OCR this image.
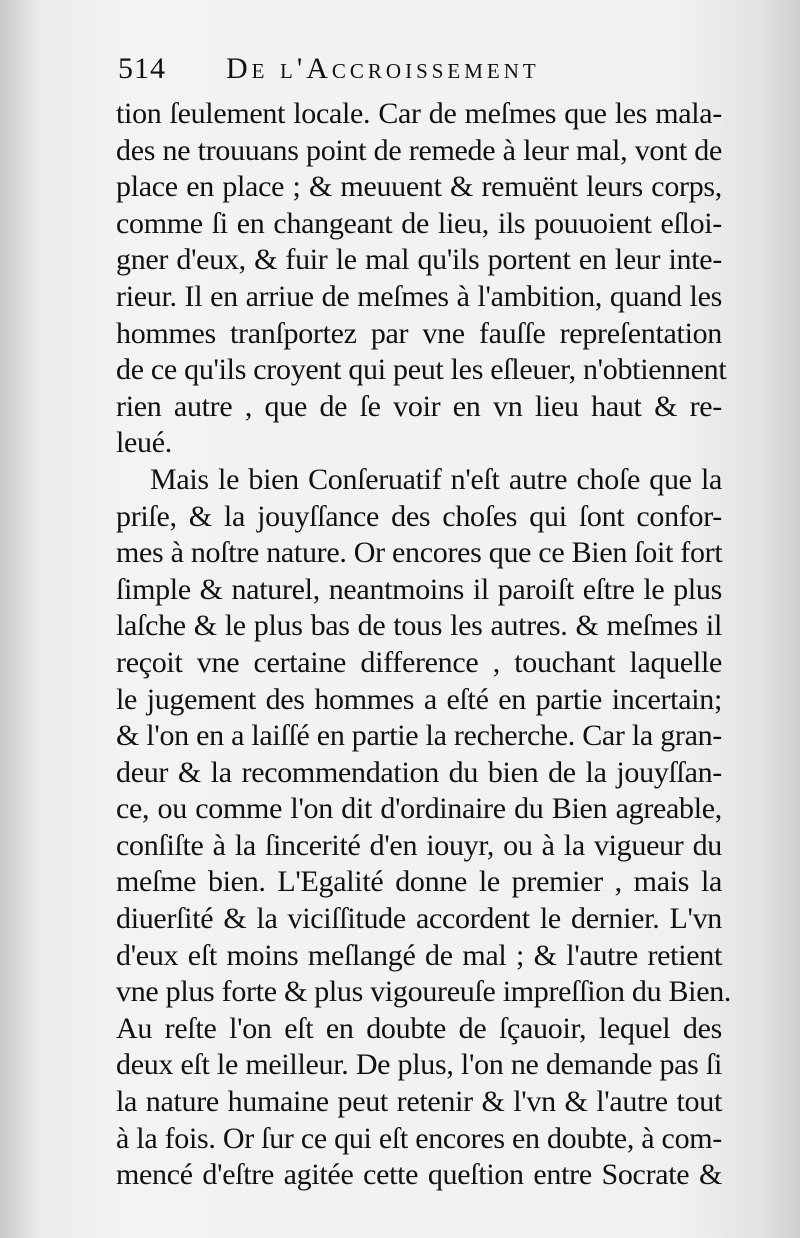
514 De l'Accroissement
tion ſeulement locale. Car de meſmes que les mala-
des ne trouuans point de remede à leur mal, vont de
place en place ; & meuuent & remuënt leurs corps,
comme ſi en changeant de lieu, ils pouuoient eſloi-
gner d'eux, & fuir le mal qu'ils portent en leur inte-
rieur. Il en arriue de meſmes à l'ambition, quand les
hommes tranſportez par vne fauſſe repreſentation
de ce qu'ils croyent qui peut les eſleuer, n'obtiennent
rien autre , que de ſe voir en vn lieu haut & re-
leué.
Mais le bien Conſeruatif n'eſt autre choſe que la
priſe, & la jouyſſance des choſes qui ſont confor-
mes à noſtre nature. Or encores que ce Bien ſoit fort
ſimple & naturel, neantmoins il paroiſt eſtre le plus
laſche & le plus bas de tous les autres. & meſmes il
reçoit vne certaine difference , touchant laquelle
le jugement des hommes a eſté en partie incertain;
& l'on en a laiſſé en partie la recherche. Car la gran-
deur & la recommendation du bien de la jouyſſan-
ce, ou comme l'on dit d'ordinaire du Bien agreable,
conſiſte à la ſincerité d'en iouyr, ou à la vigueur du
meſme bien. L'Egalité donne le premier , mais la
diuerſité & la viciſſitude accordent le dernier. L'vn
d'eux eſt moins meſlangé de mal ; & l'autre retient
vne plus forte & plus vigoureuſe impreſſion du Bien.
Au reſte l'on eſt en doubte de ſçauoir, lequel des
deux eſt le meilleur. De plus, l'on ne demande pas ſi
la nature humaine peut retenir & l'vn & l'autre tout
à la fois. Or ſur ce qui eſt encores en doubte, à com-
mencé d'eſtre agitée cette queſtion entre Socrate &
